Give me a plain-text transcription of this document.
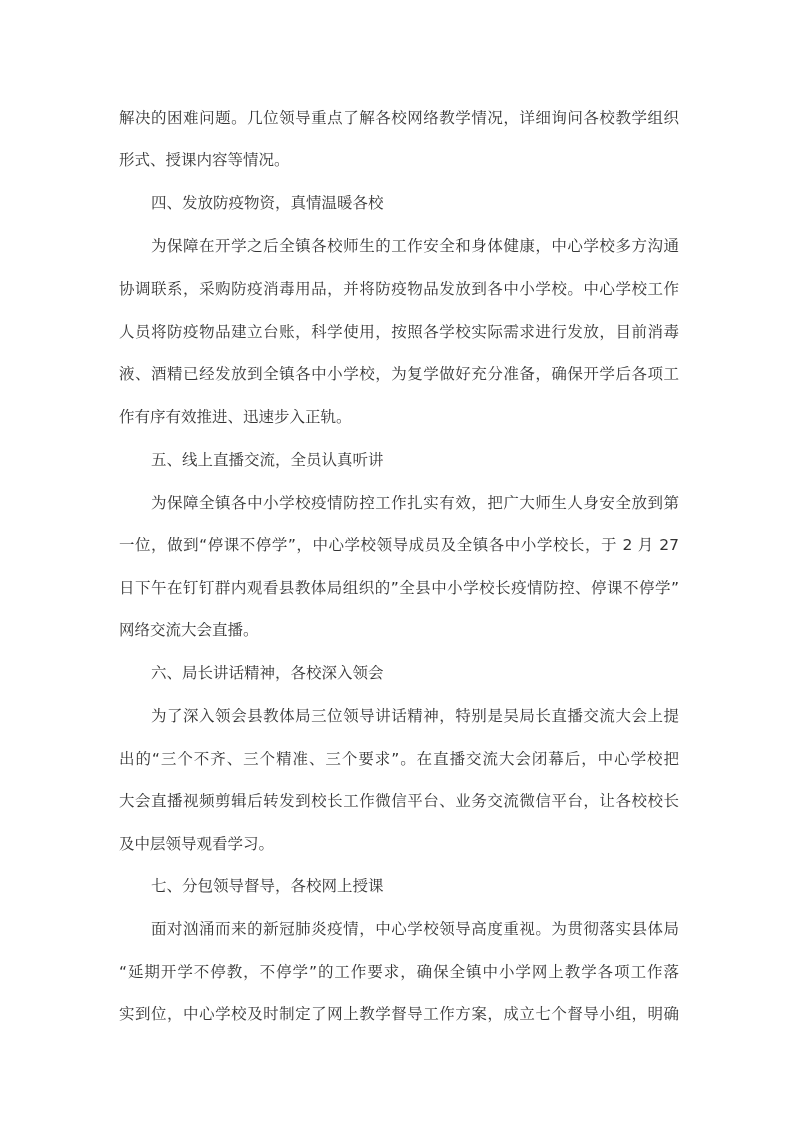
解决的困难问题。几位领导重点了解各校网络教学情况，详细询问各校教学组织
形式、授课内容等情况。
四、发放防疫物资，真情温暖各校
为保障在开学之后全镇各校师生的工作安全和身体健康，中心学校多方沟通
协调联系，采购防疫消毒用品，并将防疫物品发放到各中小学校。中心学校工作
人员将防疫物品建立台账，科学使用，按照各学校实际需求进行发放，目前消毒
液、酒精已经发放到全镇各中小学校，为复学做好充分准备，确保开学后各项工
作有序有效推进、迅速步入正轨。
五、线上直播交流，全员认真听讲
为保障全镇各中小学校疫情防控工作扎实有效，把广大师生人身安全放到第
一位，做到“停课不停学”，中心学校领导成员及全镇各中小学校长，于 2 月 27
日下午在钉钉群内观看县教体局组织的”全县中小学校长疫情防控、停课不停学”
网络交流大会直播。
六、局长讲话精神，各校深入领会
为了深入领会县教体局三位领导讲话精神，特别是吴局长直播交流大会上提
出的“三个不齐、三个精准、三个要求”。在直播交流大会闭幕后，中心学校把
大会直播视频剪辑后转发到校长工作微信平台、业务交流微信平台，让各校校长
及中层领导观看学习。
七、分包领导督导，各校网上授课
面对汹涌而来的新冠肺炎疫情，中心学校领导高度重视。为贯彻落实县体局
“延期开学不停教，不停学”的工作要求，确保全镇中小学网上教学各项工作落
实到位，中心学校及时制定了网上教学督导工作方案，成立七个督导小组，明确
